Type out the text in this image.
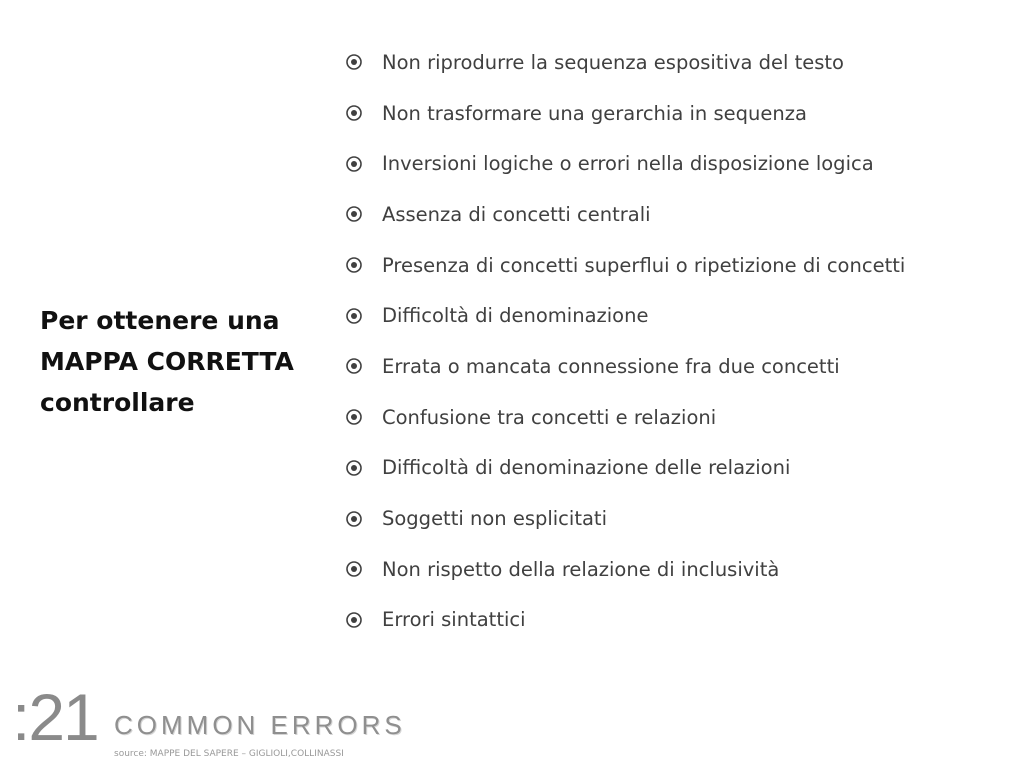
Per ottenere una
MAPPA CORRETTA
controllare
Non riprodurre la sequenza espositiva del testo
Non trasformare una gerarchia in sequenza
Inversioni logiche o errori nella disposizione logica
Assenza di concetti centrali
Presenza di concetti superflui o ripetizione di concetti
Difficoltà di denominazione
Errata o mancata connessione fra due concetti
Confusione tra concetti e relazioni
Difficoltà di denominazione delle relazioni
Soggetti non esplicitati
Non rispetto della relazione di inclusività
Errori sintattici
:21 COMMON ERRORS
source: MAPPE DEL SAPERE – GIGLIOLI,COLLINASSI
